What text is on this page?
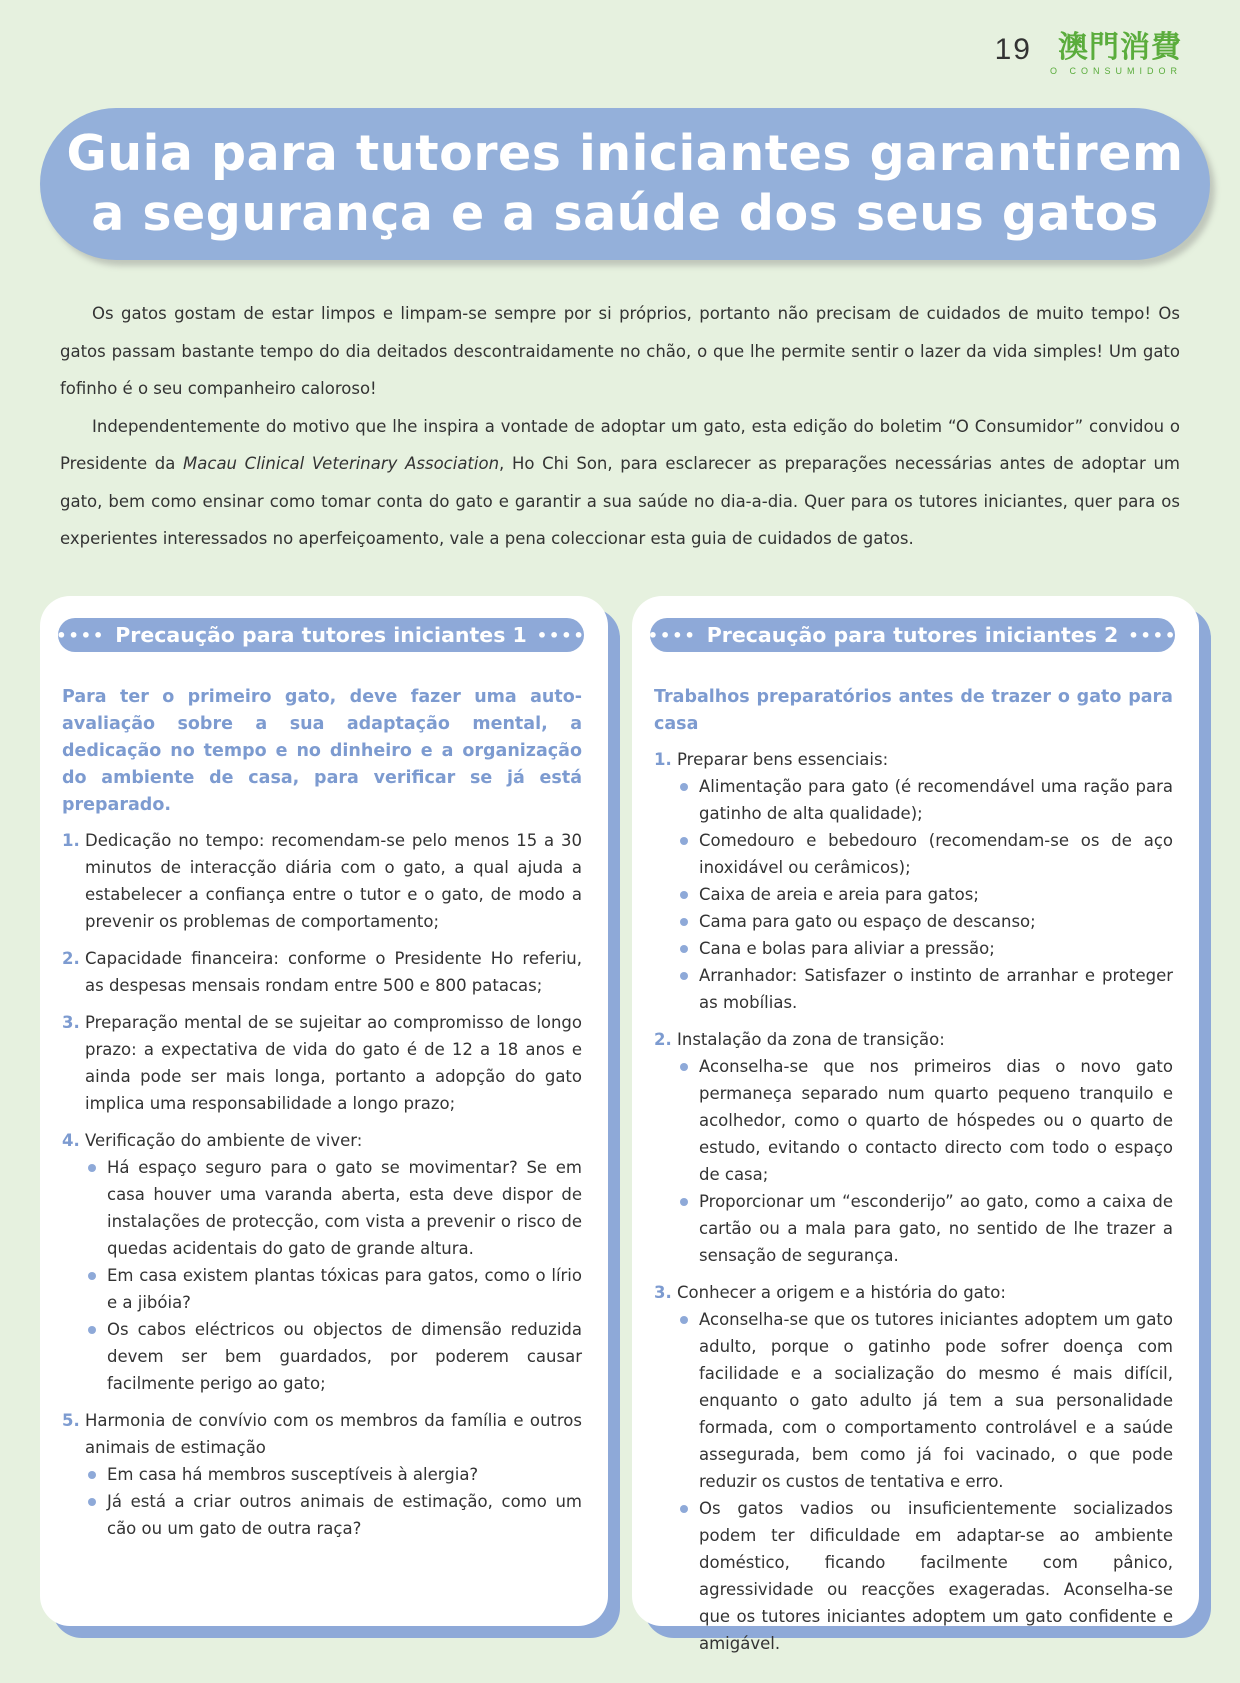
19 澳門消費
O CONSUMIDOR
Guia para tutores iniciantes garantirem
a segurança e a saúde dos seus gatos

Os gatos gostam de estar limpos e limpam-se sempre por si próprios, portanto não precisam de cuidados de muito tempo! Os gatos passam bastante tempo do dia deitados descontraidamente no chão, o que lhe permite sentir o lazer da vida simples! Um gato fofinho é o seu companheiro caloroso!

Independentemente do motivo que lhe inspira a vontade de adoptar um gato, esta edição do boletim “O Consumidor” convidou o Presidente da Macau Clinical Veterinary Association, Ho Chi Son, para esclarecer as preparações necessárias antes de adoptar um gato, bem como ensinar como tomar conta do gato e garantir a sua saúde no dia-a-dia. Quer para os tutores iniciantes, quer para os experientes interessados no aperfeiçoamento, vale a pena coleccionar esta guia de cuidados de gatos.

•••• Precaução para tutores iniciantes 1 ••••

Para ter o primeiro gato, deve fazer uma auto-avaliação sobre a sua adaptação mental, a dedicação no tempo e no dinheiro e a organização do ambiente de casa, para verificar se já está preparado.

1. Dedicação no tempo: recomendam-se pelo menos 15 a 30 minutos de interacção diária com o gato, a qual ajuda a estabelecer a confiança entre o tutor e o gato, de modo a prevenir os problemas de comportamento;
2. Capacidade financeira: conforme o Presidente Ho referiu, as despesas mensais rondam entre 500 e 800 patacas;
3. Preparação mental de se sujeitar ao compromisso de longo prazo: a expectativa de vida do gato é de 12 a 18 anos e ainda pode ser mais longa, portanto a adopção do gato implica uma responsabilidade a longo prazo;
4. Verificação do ambiente de viver:
Há espaço seguro para o gato se movimentar? Se em casa houver uma varanda aberta, esta deve dispor de instalações de protecção, com vista a prevenir o risco de quedas acidentais do gato de grande altura.
Em casa existem plantas tóxicas para gatos, como o lírio e a jibóia?
Os cabos eléctricos ou objectos de dimensão reduzida devem ser bem guardados, por poderem causar facilmente perigo ao gato;
5. Harmonia de convívio com os membros da família e outros animais de estimação
Em casa há membros susceptíveis à alergia?
Já está a criar outros animais de estimação, como um cão ou um gato de outra raça?
•••• Precaução para tutores iniciantes 2 ••••

Trabalhos preparatórios antes de trazer o gato para casa

1. Preparar bens essenciais:
Alimentação para gato (é recomendável uma ração para gatinho de alta qualidade);
Comedouro e bebedouro (recomendam-se os de aço inoxidável ou cerâmicos);
Caixa de areia e areia para gatos;
Cama para gato ou espaço de descanso;
Cana e bolas para aliviar a pressão;
Arranhador: Satisfazer o instinto de arranhar e proteger as mobílias.
2. Instalação da zona de transição:
Aconselha-se que nos primeiros dias o novo gato permaneça separado num quarto pequeno tranquilo e acolhedor, como o quarto de hóspedes ou o quarto de estudo, evitando o contacto directo com todo o espaço de casa;
Proporcionar um “esconderijo” ao gato, como a caixa de cartão ou a mala para gato, no sentido de lhe trazer a sensação de segurança.
3. Conhecer a origem e a história do gato:
Aconselha-se que os tutores iniciantes adoptem um gato adulto, porque o gatinho pode sofrer doença com facilidade e a socialização do mesmo é mais difícil, enquanto o gato adulto já tem a sua personalidade formada, com o comportamento controlável e a saúde assegurada, bem como já foi vacinado, o que pode reduzir os custos de tentativa e erro.
Os gatos vadios ou insuficientemente socializados podem ter dificuldade em adaptar-se ao ambiente doméstico, ficando facilmente com pânico, agressividade ou reacções exageradas. Aconselha-se que os tutores iniciantes adoptem um gato confidente e amigável.
